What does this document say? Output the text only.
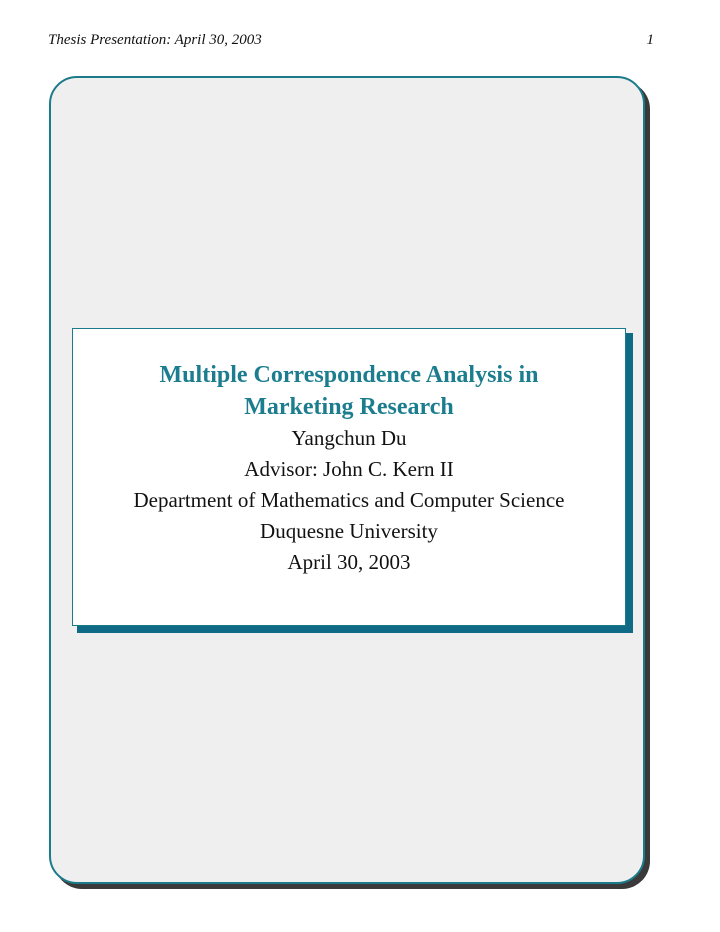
Thesis Presentation: April 30, 2003	1

Multiple Correspondence Analysis in

Marketing Research

Yangchun Du

Advisor: John C. Kern II

Department of Mathematics and Computer Science

Duquesne University

April 30, 2003
